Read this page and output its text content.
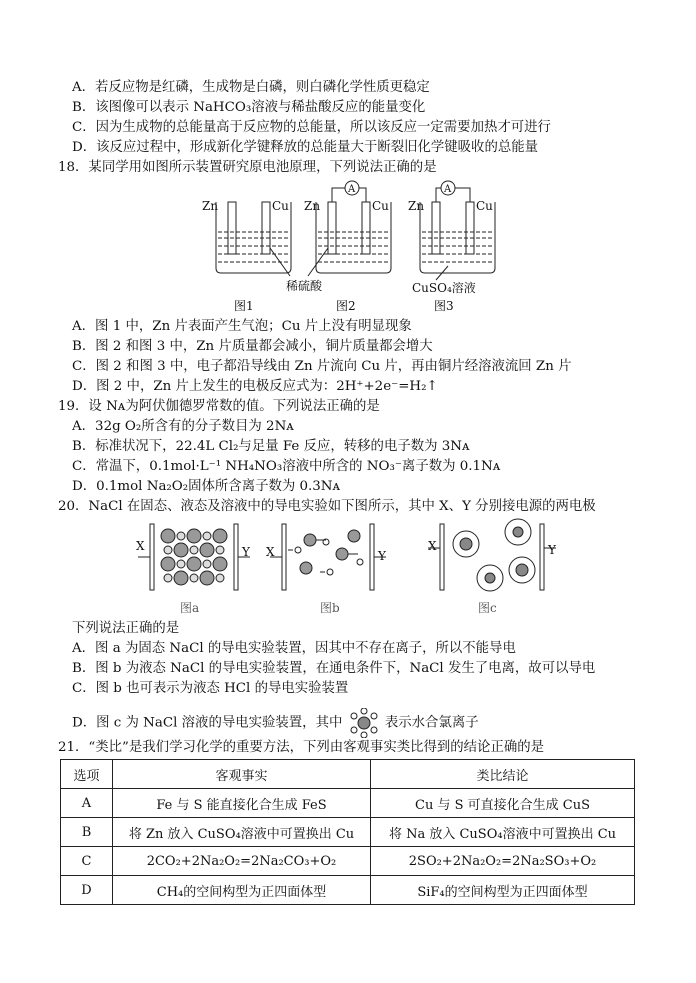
A．若反应物是红磷，生成物是白磷，则白磷化学性质更稳定
B．该图像可以表示 NaHCO₃溶液与稀盐酸反应的能量变化
C．因为生成物的总能量高于反应物的总能量，所以该反应一定需要加热才可进行
D．该反应过程中，形成新化学键释放的总能量大于断裂旧化学键吸收的总能量
18．某同学用如图所示装置研究原电池原理，下列说法正确的是
Zn	Cu Zn	Cu Zn	Cu
A	A
稀硫酸	CuSO₄溶液
图1	图2	图3
A．图 1 中，Zn 片表面产生气泡；Cu 片上没有明显现象
B．图 2 和图 3 中，Zn 片质量都会减小，铜片质量都会增大
C．图 2 和图 3 中，电子都沿导线由 Zn 片流向 Cu 片，再由铜片经溶液流回 Zn 片
D．图 2 中，Zn 片上发生的电极反应式为：2H⁺+2e⁻=H₂↑
19．设 Nᴀ为阿伏伽德罗常数的值。下列说法正确的是
A．32g O₂所含有的分子数目为 2Nᴀ
B．标准状况下，22.4L Cl₂与足量 Fe 反应，转移的电子数为 3Nᴀ
C．常温下，0.1mol·L⁻¹ NH₄NO₃溶液中所含的 NO₃⁻离子数为 0.1Nᴀ
D．0.1mol Na₂O₂固体所含离子数为 0.3Nᴀ
20．NaCl 在固态、液态及溶液中的导电实验如下图所示，其中 X、Y 分别接电源的两电极
X	Y X	Y
X	Y
图a	图b	图c
下列说法正确的是
A．图 a 为固态 NaCl 的导电实验装置，因其中不存在离子，所以不能导电
B．图 b 为液态 NaCl 的导电实验装置，在通电条件下，NaCl 发生了电离，故可以导电
C．图 b 也可表示为液态 HCl 的导电实验装置
D．图 c 为 NaCl 溶液的导电实验装置，其中	表示水合氯离子
21．“类比”是我们学习化学的重要方法，下列由客观事实类比得到的结论正确的是
选项	客观事实	类比结论
A	Fe 与 S 能直接化合生成 FeS	Cu 与 S 可直接化合生成 CuS
B	将 Zn 放入 CuSO₄溶液中可置换出 Cu	将 Na 放入 CuSO₄溶液中可置换出 Cu
C	2CO₂+2Na₂O₂=2Na₂CO₃+O₂	2SO₂+2Na₂O₂=2Na₂SO₃+O₂
D	CH₄的空间构型为正四面体型	SiF₄的空间构型为正四面体型
